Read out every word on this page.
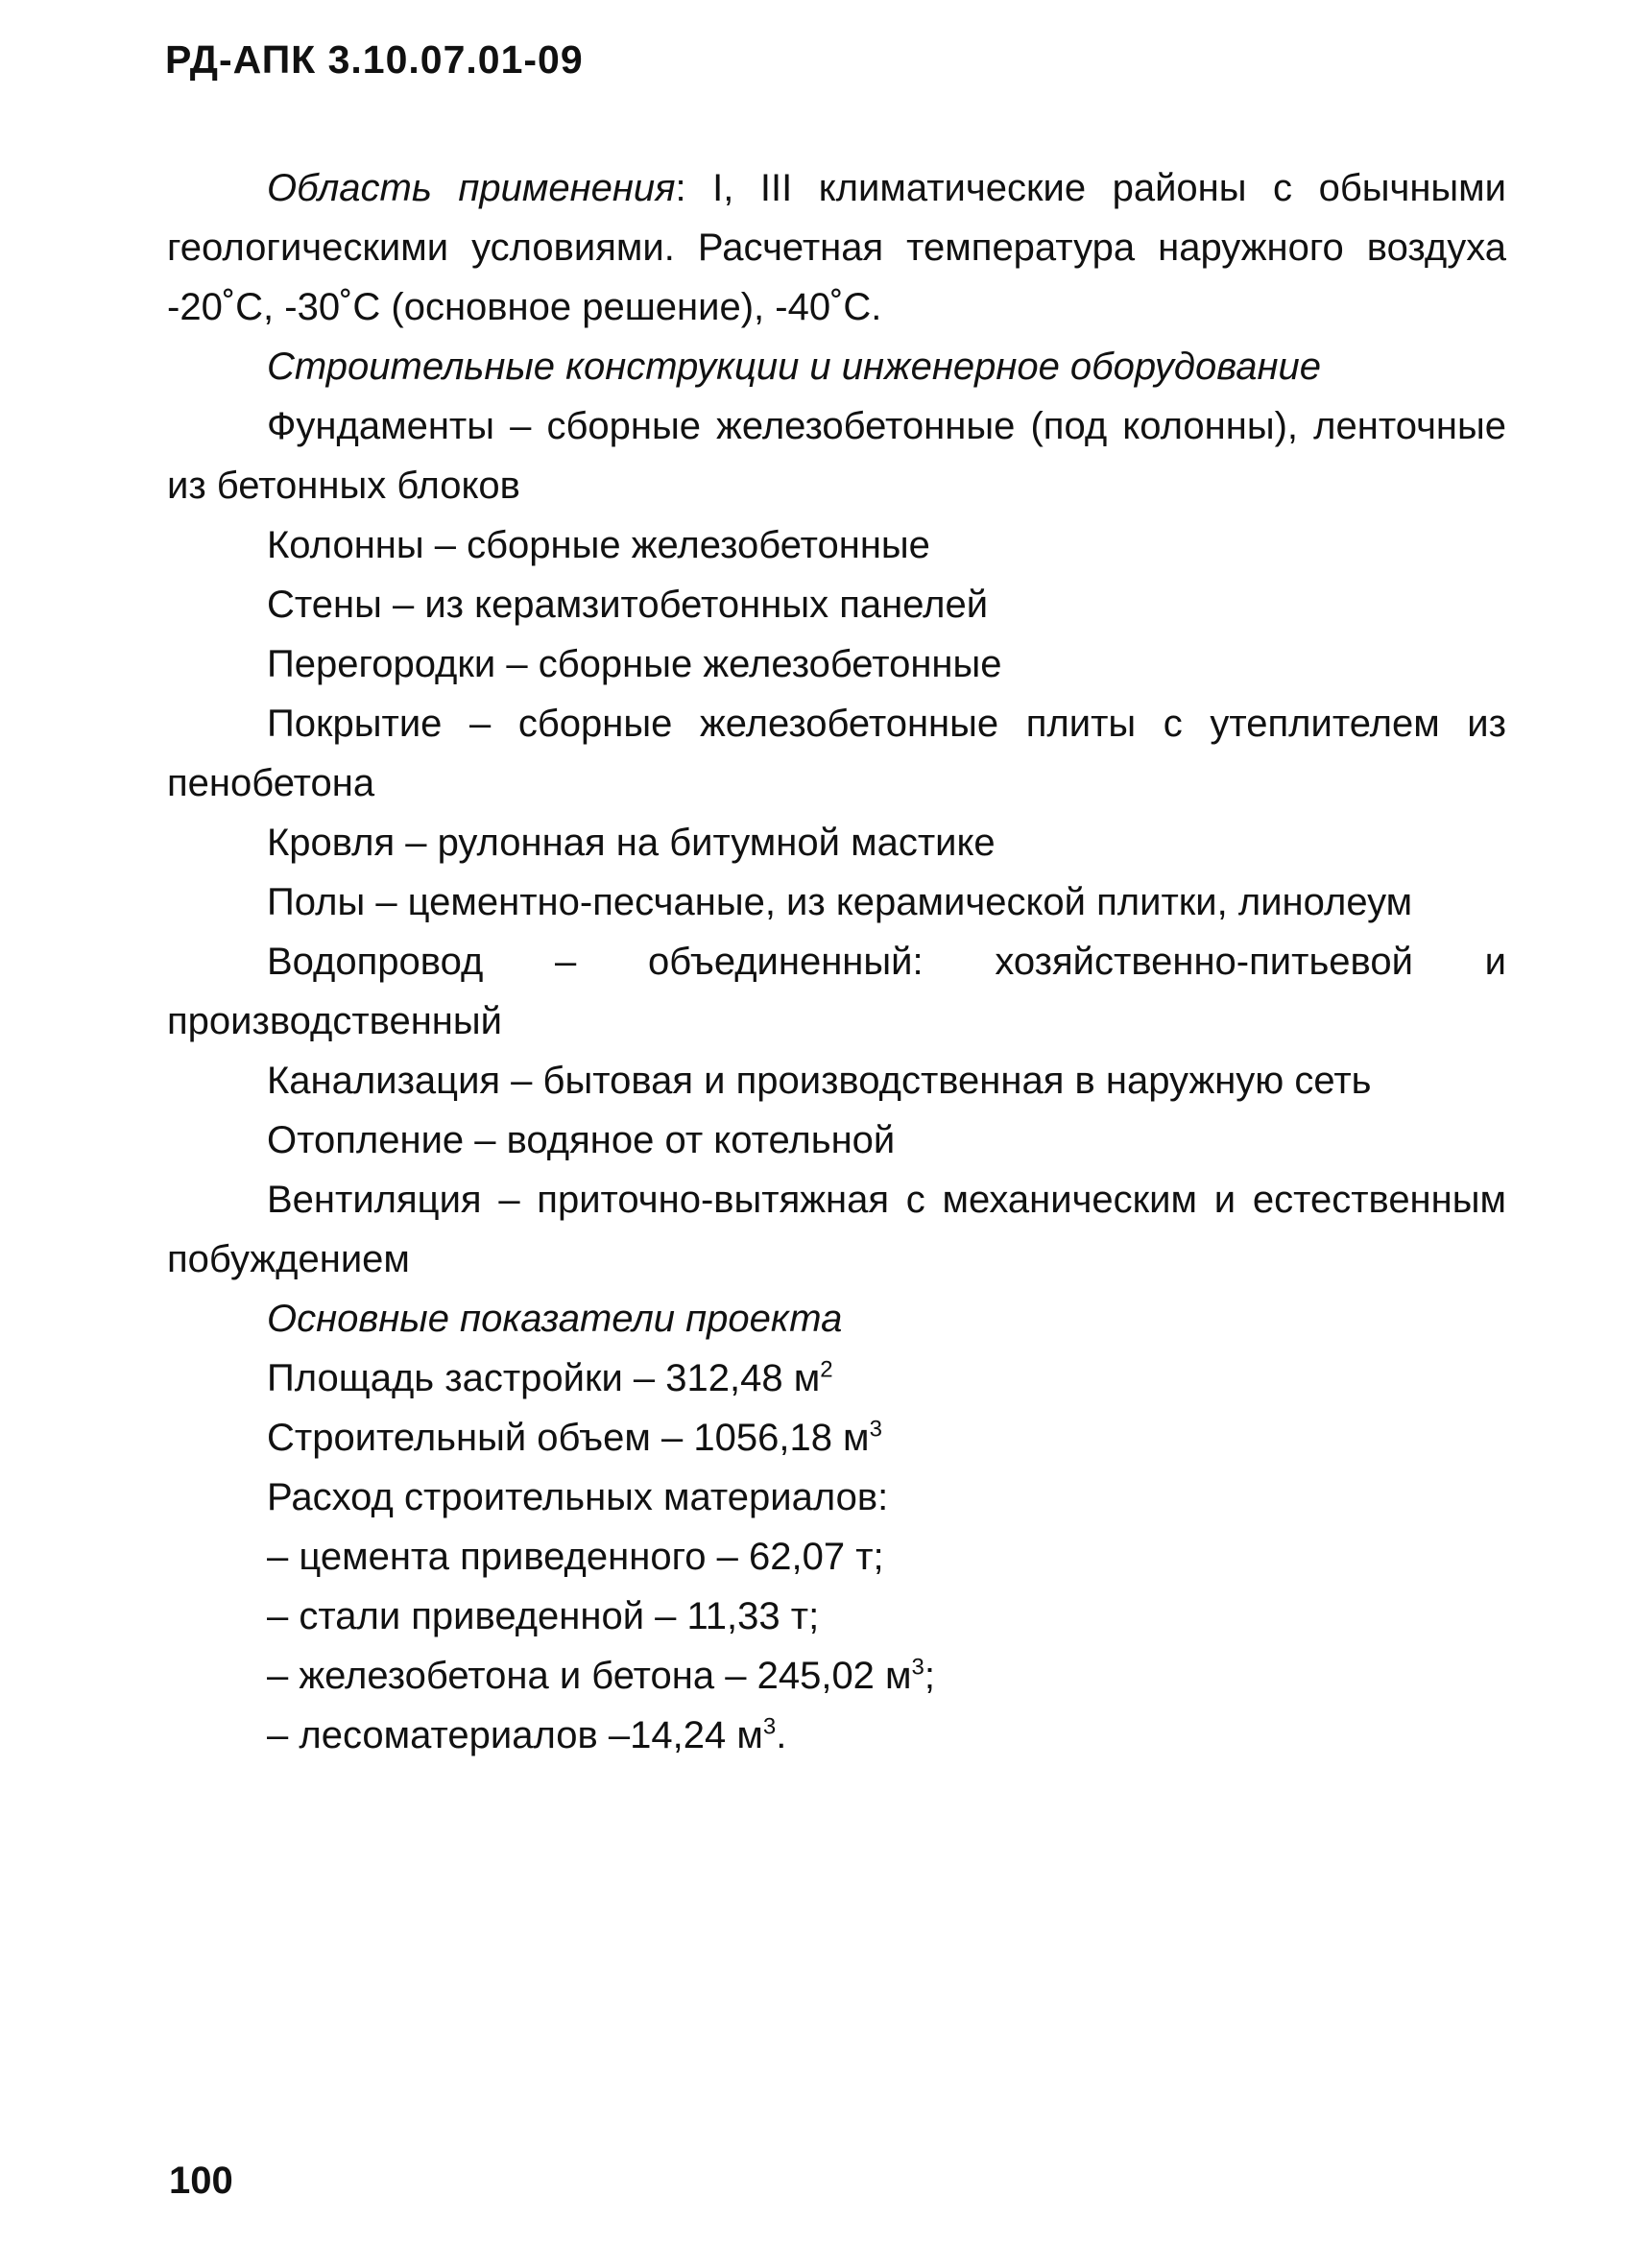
РД-АПК 3.10.07.01-09

Область применения: I, III климатические районы с обычными геологическими условиями. Расчетная температура наружного воздуха -20˚С, -30˚С (основное решение), -40˚С.

Строительные конструкции и инженерное оборудование

Фундаменты – сборные железобетонные (под колонны), ленточные из бетонных блоков

Колонны – сборные железобетонные

Стены – из керамзитобетонных панелей

Перегородки – сборные железобетонные

Покрытие – сборные железобетонные плиты с утеплителем из пенобетона

Кровля – рулонная на битумной мастике

Полы – цементно-песчаные, из керамической плитки, линолеум

Водопровод – объединенный: хозяйственно-питьевой и производственный

Канализация – бытовая и производственная в наружную сеть

Отопление – водяное от котельной

Вентиляция – приточно-вытяжная с механическим и естественным побуждением

Основные показатели проекта

Площадь застройки – 312,48 $м^2$

Строительный объем – 1056,18 $м^3$

Расход строительных материалов:

– цемента приведенного – 62,07 т;

– стали приведенной – 11,33 т;

– железобетона и бетона – 245,02 $м^3$;

– лесоматериалов –14,24 $м^3$.

100
